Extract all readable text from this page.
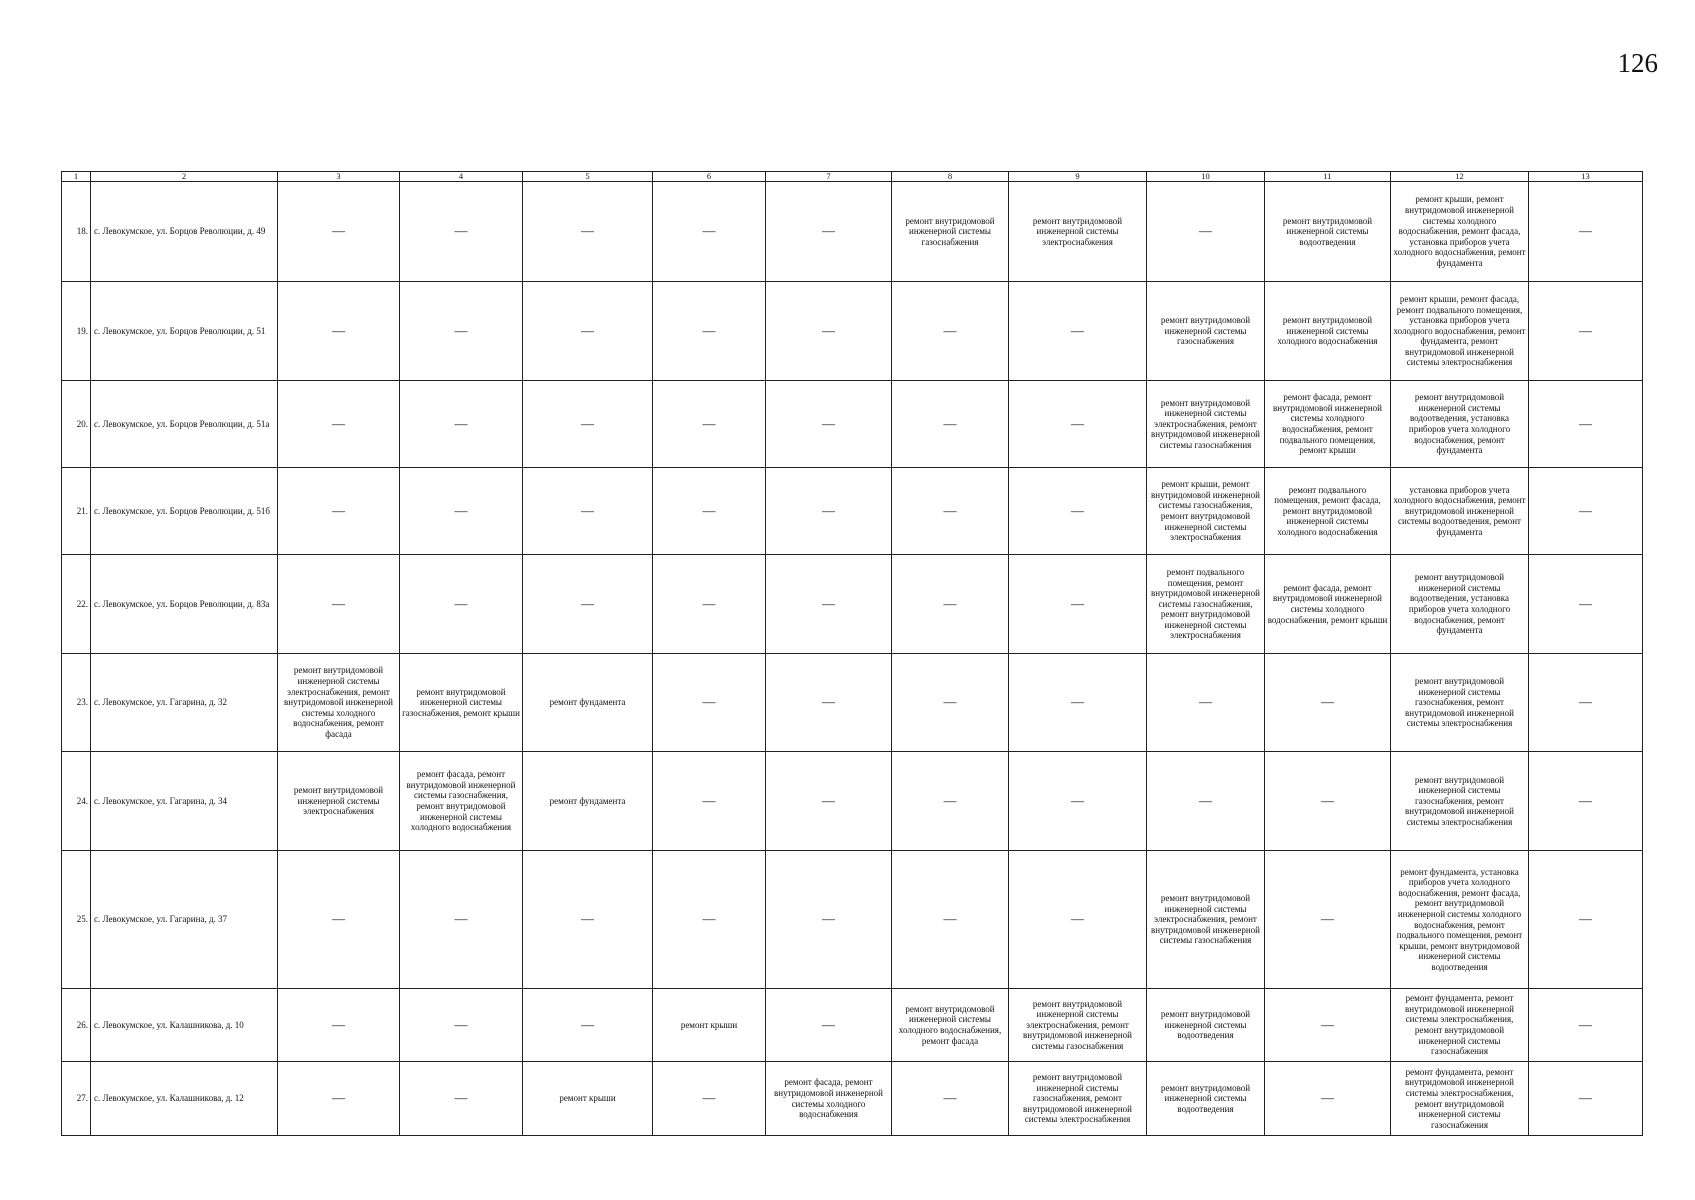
126
1	2	3	4	5	6	7	8	9	10	11	12	13
18.	с. Левокумское, ул. Борцов Революции, д. 49	—	—	—	—	—	ремонт внутридомовой инженерной системы газоснабжения	ремонт внутридомовой инженерной системы электроснабжения	—	ремонт внутридомовой инженерной системы водоотведения	ремонт крыши, ремонт внутридомовой инженерной системы холодного водоснабжения, ремонт фасада, установка приборов учета холодного водоснабжения, ремонт фундамента	—
19.	с. Левокумское, ул. Борцов Революции, д. 51	—	—	—	—	—	—	—	ремонт внутридомовой инженерной системы газоснабжения	ремонт внутридомовой инженерной системы холодного водоснабжения	ремонт крыши, ремонт фасада, ремонт подвального помещения, установка приборов учета холодного водоснабжения, ремонт фундамента, ремонт внутридомовой инженерной системы электроснабжения	—
20.	с. Левокумское, ул. Борцов Революции, д. 51а	—	—	—	—	—	—	—	ремонт внутридомовой инженерной системы электроснабжения, ремонт внутридомовой инженерной системы газоснабжения	ремонт фасада, ремонт внутридомовой инженерной системы холодного водоснабжения, ремонт подвального помещения, ремонт крыши	ремонт внутридомовой инженерной системы водоотведения, установка приборов учета холодного водоснабжения, ремонт фундамента	—
21.	с. Левокумское, ул. Борцов Революции, д. 51б	—	—	—	—	—	—	—	ремонт крыши, ремонт внутридомовой инженерной системы газоснабжения, ремонт внутридомовой инженерной системы электроснабжения	ремонт подвального помещения, ремонт фасада, ремонт внутридомовой инженерной системы холодного водоснабжения	установка приборов учета холодного водоснабжения, ремонт внутридомовой инженерной системы водоотведения, ремонт фундамента	—
22.	с. Левокумское, ул. Борцов Революции, д. 83а	—	—	—	—	—	—	—	ремонт подвального помещения, ремонт внутридомовой инженерной системы газоснабжения, ремонт внутридомовой инженерной системы электроснабжения	ремонт фасада, ремонт внутридомовой инженерной системы холодного водоснабжения, ремонт крыши	ремонт внутридомовой инженерной системы водоотведения, установка приборов учета холодного водоснабжения, ремонт фундамента	—
23.	с. Левокумское, ул. Гагарина, д. 32	ремонт внутридомовой инженерной системы электроснабжения, ремонт внутридомовой инженерной системы холодного водоснабжения, ремонт фасада	ремонт внутридомовой инженерной системы газоснабжения, ремонт крыши	ремонт фундамента	—	—	—	—	—	—	ремонт внутридомовой инженерной системы газоснабжения, ремонт внутридомовой инженерной системы электроснабжения	—
24.	с. Левокумское, ул. Гагарина, д. 34	ремонт внутридомовой инженерной системы электроснабжения	ремонт фасада, ремонт внутридомовой инженерной системы газоснабжения, ремонт внутридомовой инженерной системы холодного водоснабжения	ремонт фундамента	—	—	—	—	—	—	ремонт внутридомовой инженерной системы газоснабжения, ремонт внутридомовой инженерной системы электроснабжения	—
25.	с. Левокумское, ул. Гагарина, д. 37	—	—	—	—	—	—	—	ремонт внутридомовой инженерной системы электроснабжения, ремонт внутридомовой инженерной системы газоснабжения	—	ремонт фундамента, установка приборов учета холодного водоснабжения, ремонт фасада, ремонт внутридомовой инженерной системы холодного водоснабжения, ремонт подвального помещения, ремонт крыши, ремонт внутридомовой инженерной системы водоотведения	—
26.	с. Левокумское, ул. Калашникова, д. 10	—	—	—	ремонт крыши	—	ремонт внутридомовой инженерной системы холодного водоснабжения, ремонт фасада	ремонт внутридомовой инженерной системы электроснабжения, ремонт внутридомовой инженерной системы газоснабжения	ремонт внутридомовой инженерной системы водоотведения	—	ремонт фундамента, ремонт внутридомовой инженерной системы электроснабжения, ремонт внутридомовой инженерной системы газоснабжения	—
27.	с. Левокумское, ул. Калашникова, д. 12	—	—	ремонт крыши	—	ремонт фасада, ремонт внутридомовой инженерной системы холодного водоснабжения	—	ремонт внутридомовой инженерной системы газоснабжения, ремонт внутридомовой инженерной системы электроснабжения	ремонт внутридомовой инженерной системы водоотведения	—	ремонт фундамента, ремонт внутридомовой инженерной системы электроснабжения, ремонт внутридомовой инженерной системы газоснабжения	—
